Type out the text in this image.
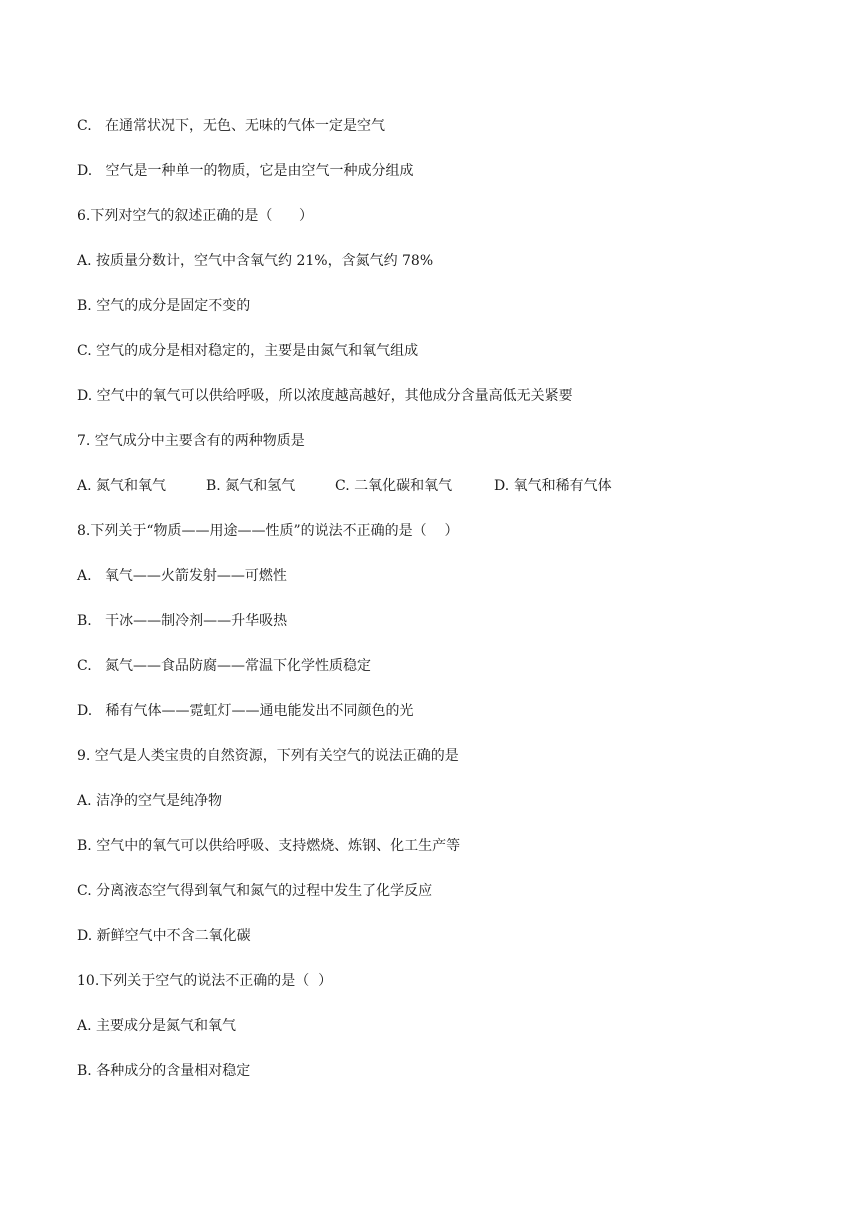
C.   在通常状况下，无色、无味的气体一定是空气
D.   空气是一种单一的物质，它是由空气一种成分组成
6.下列对空气的叙述正确的是（      ）
A. 按质量分数计，空气中含氧气约 21%，含氮气约 78%
B. 空气的成分是固定不变的
C. 空气的成分是相对稳定的，主要是由氮气和氧气组成
D. 空气中的氧气可以供给呼吸，所以浓度越高越好，其他成分含量高低无关紧要
7. 空气成分中主要含有的两种物质是

A. 氮气和氧气

	B. 氮气和氢气

	C. 二氧化碳和氧气

	D. 氧气和稀有气体

8.下列关于“物质——用途——性质”的说法不正确的是（    ）
A.   氧气——火箭发射——可燃性
B.   干冰——制冷剂——升华吸热
C.   氮气——食品防腐——常温下化学性质稳定
D.   稀有气体——霓虹灯——通电能发出不同颜色的光
9. 空气是人类宝贵的自然资源，下列有关空气的说法正确的是
A. 洁净的空气是纯净物
B. 空气中的氧气可以供给呼吸、支持燃烧、炼钢、化工生产等
C. 分离液态空气得到氧气和氮气的过程中发生了化学反应
D. 新鲜空气中不含二氧化碳
10.下列关于空气的说法不正确的是（  ）
A. 主要成分是氮气和氧气
B. 各种成分的含量相对稳定
